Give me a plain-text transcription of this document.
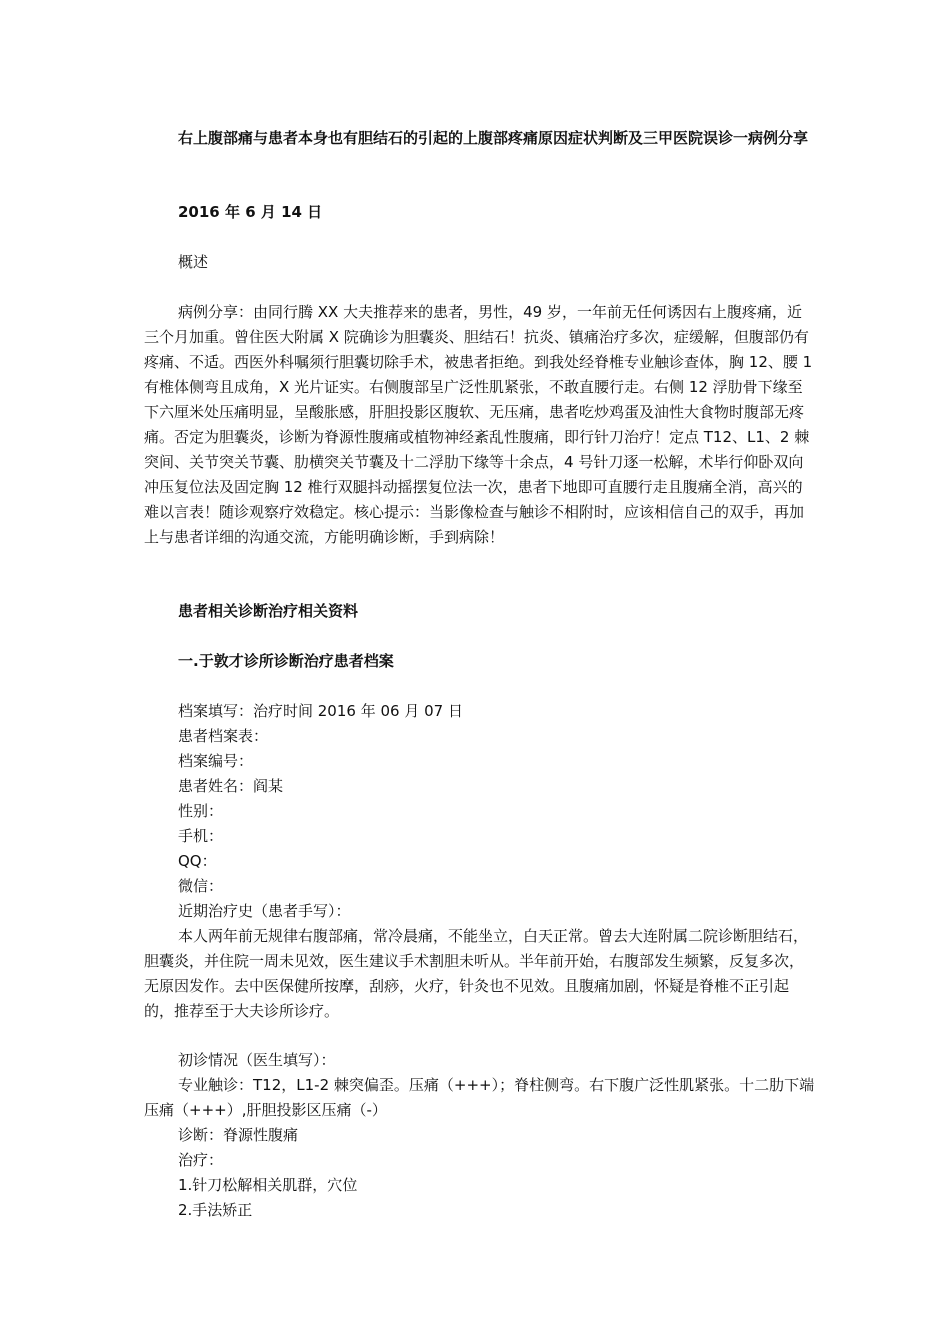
右上腹部痛与患者本身也有胆结石的引起的上腹部疼痛原因症状判断及三甲医院误诊一病例分享

2016 年 6 月 14 日

概述

病例分享：由同行腾 XX 大夫推荐来的患者，男性，49 岁，一年前无任何诱因右上腹疼痛，近三个月加重。曾住医大附属 X 院确诊为胆囊炎、胆结石！抗炎、镇痛治疗多次，症缓解，但腹部仍有疼痛、不适。西医外科嘱须行胆囊切除手术，被患者拒绝。到我处经脊椎专业触诊查体，胸 12、腰 1 有椎体侧弯且成角，X 光片证实。右侧腹部呈广泛性肌紧张，不敢直腰行走。右侧 12 浮肋骨下缘至下六厘米处压痛明显，呈酸胀感，肝胆投影区腹软、无压痛，患者吃炒鸡蛋及油性大食物时腹部无疼痛。否定为胆囊炎，诊断为脊源性腹痛或植物神经紊乱性腹痛，即行针刀治疗！定点 T12、L1、2 棘突间、关节突关节囊、肋横突关节囊及十二浮肋下缘等十余点，4 号针刀逐一松解，术毕行仰卧双向冲压复位法及固定胸 12 椎行双腿抖动摇摆复位法一次，患者下地即可直腰行走且腹痛全消，高兴的难以言表！随诊观察疗效稳定。核心提示：当影像检查与触诊不相附时，应该相信自己的双手，再加上与患者详细的沟通交流，方能明确诊断，手到病除！

患者相关诊断治疗相关资料

一.于敦才诊所诊断治疗患者档案

档案填写：治疗时间 2016 年 06 月 07 日

患者档案表：

档案编号：

患者姓名：阎某

性别：

手机：

QQ：

微信：

近期治疗史（患者手写）：

本人两年前无规律右腹部痛，常冷晨痛，不能坐立，白天正常。曾去大连附属二院诊断胆结石，胆囊炎，并住院一周未见效，医生建议手术割胆未听从。半年前开始，右腹部发生频繁，反复多次，无原因发作。去中医保健所按摩，刮痧，火疗，针灸也不见效。且腹痛加剧，怀疑是脊椎不正引起的，推荐至于大夫诊所诊疗。

初诊情况（医生填写）：

专业触诊：T12，L1-2 棘突偏歪。压痛（+++）；脊柱侧弯。右下腹广泛性肌紧张。十二肋下端压痛（+++）,肝胆投影区压痛（-）

诊断：脊源性腹痛

治疗：

1.针刀松解相关肌群，穴位

2.手法矫正
